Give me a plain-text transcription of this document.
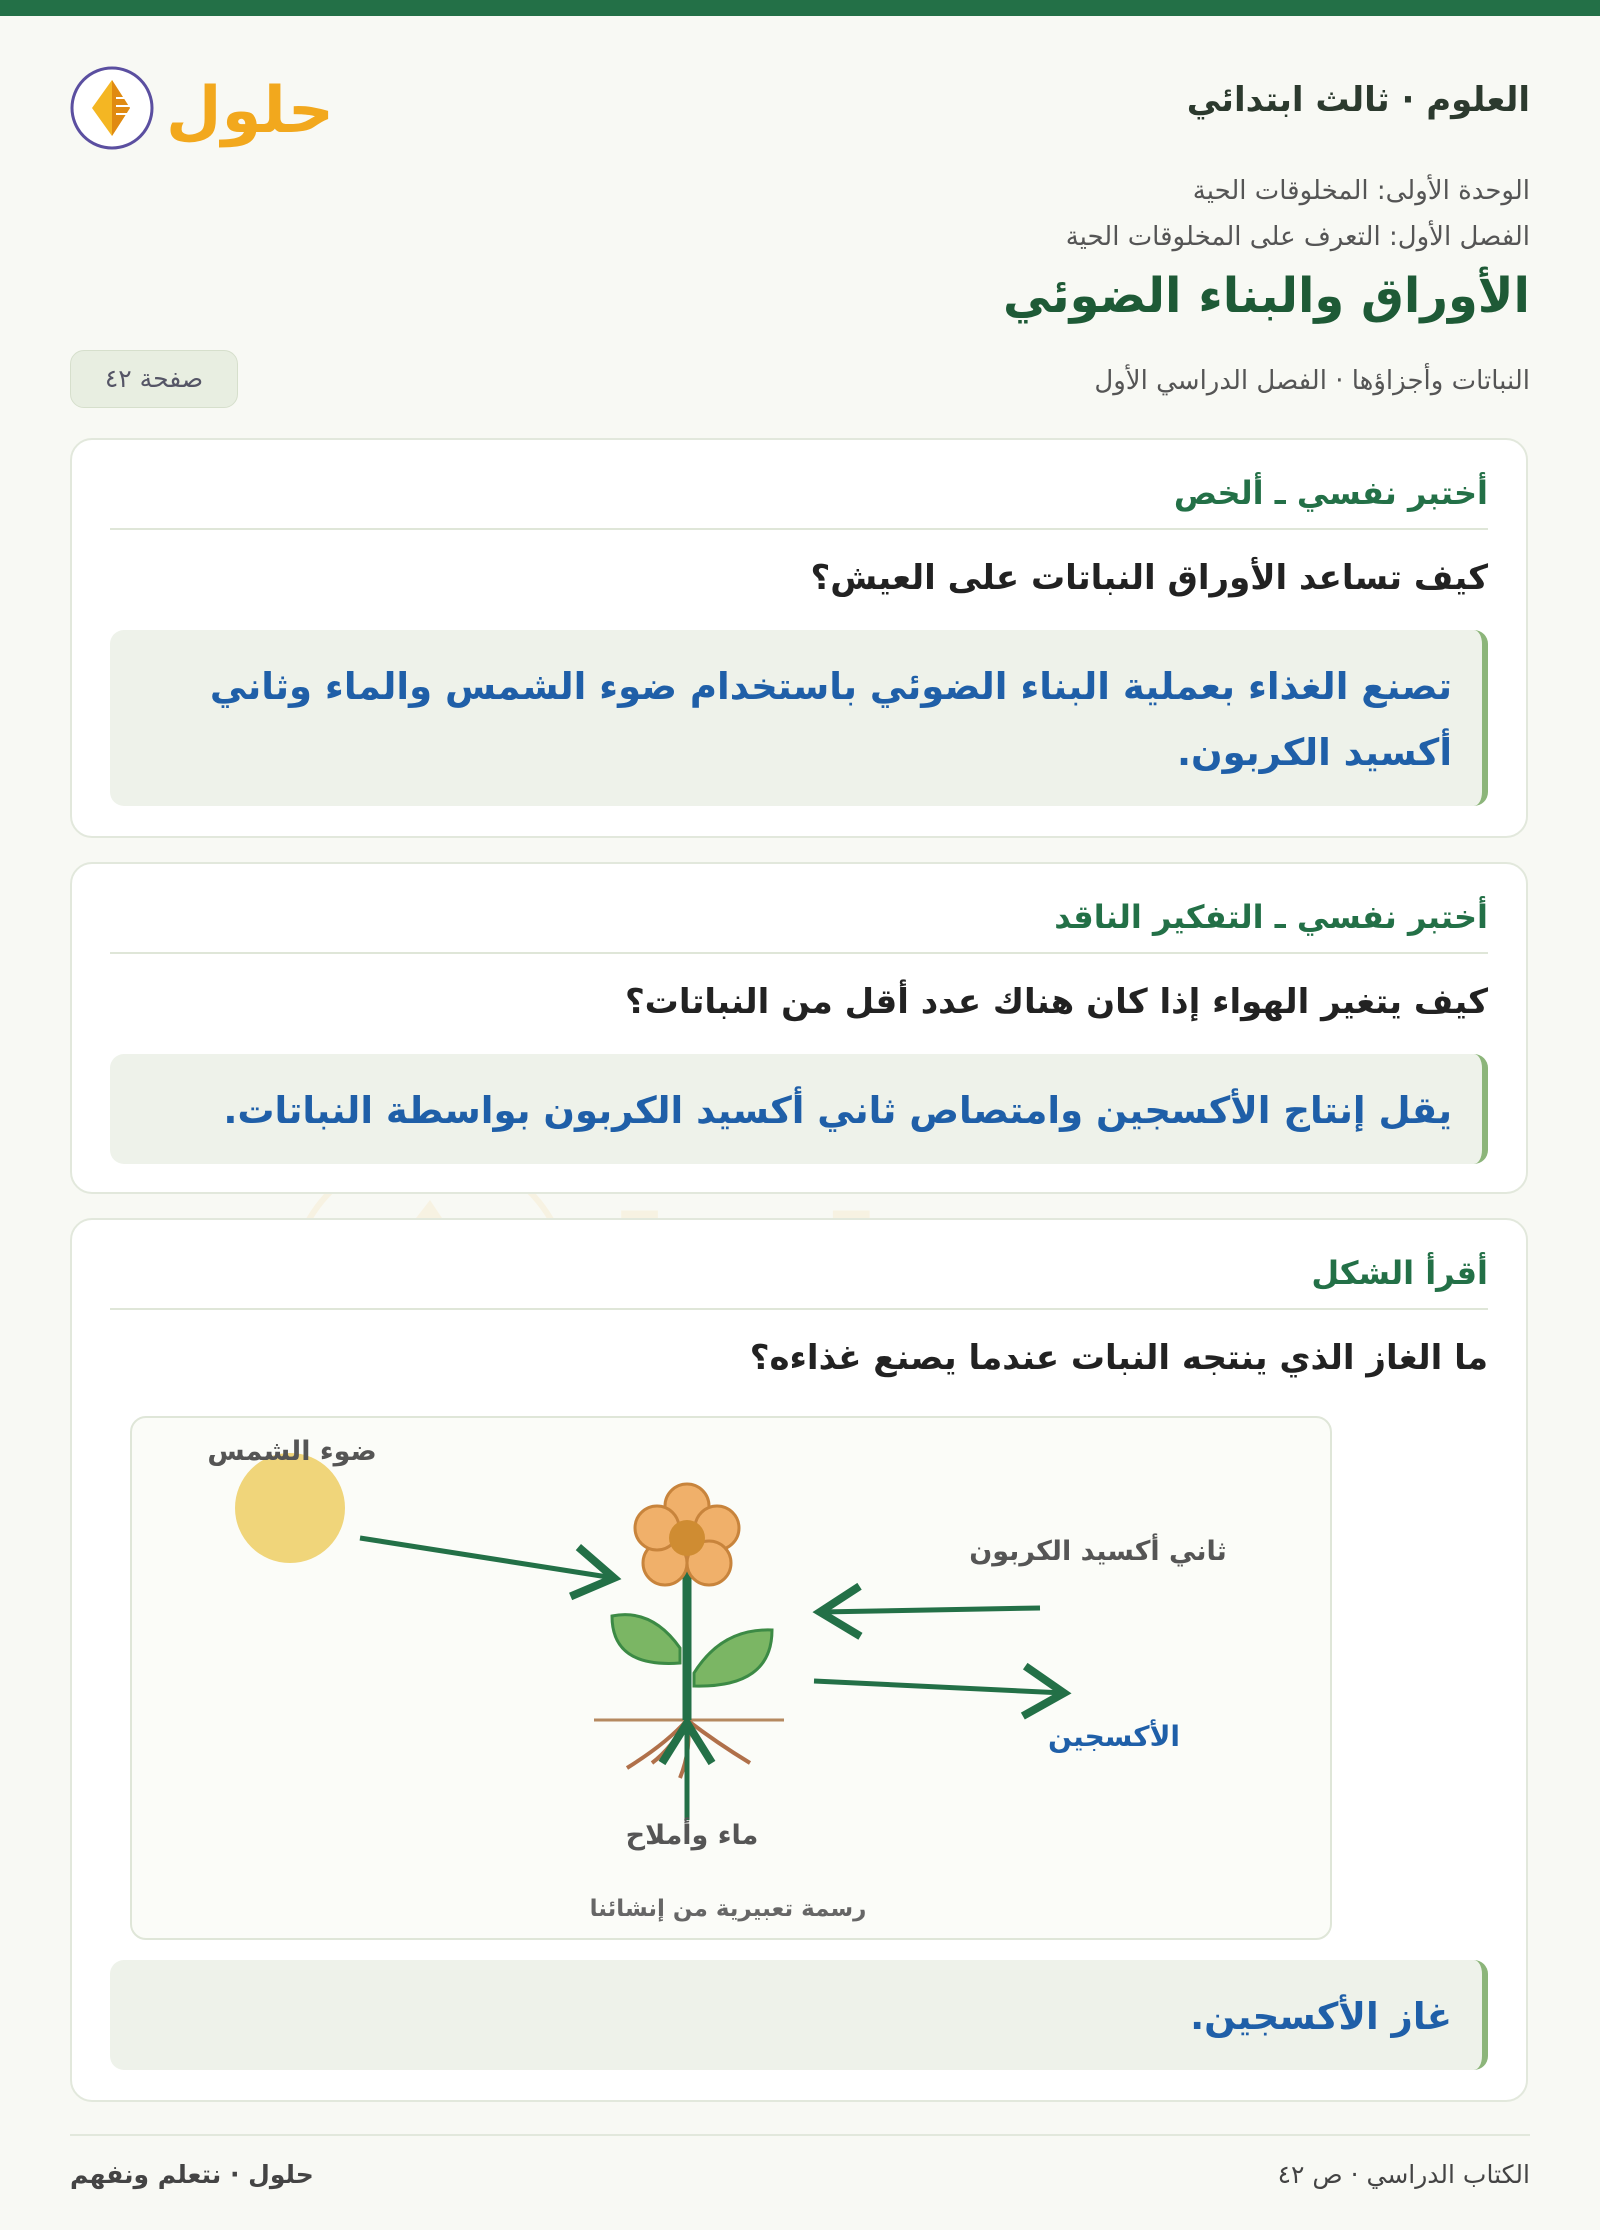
حلول	العلوم · ثالث ابتدائي
الوحدة الأولى: المخلوقات الحية
الفصل الأول: التعرف على المخلوقات الحية
الأوراق والبناء الضوئي
النباتات وأجزاؤها · الفصل الدراسي الأول
صفحة ٤٢
أختبر نفسي ـ ألخص
كيف تساعد الأوراق النباتات على العيش؟
تصنع الغذاء بعملية البناء الضوئي باستخدام ضوء الشمس والماء وثاني أكسيد الكربون.
أختبر نفسي ـ التفكير الناقد
كيف يتغير الهواء إذا كان هناك عدد أقل من النباتات؟
يقل إنتاج الأكسجين وامتصاص ثاني أكسيد الكربون بواسطة النباتات.
أقرأ الشكل
ما الغاز الذي ينتجه النبات عندما يصنع غذاءه؟
غاز الأكسجين.
ضوء الشمس
ماء وأملاح
ثاني أكسيد الكربون
الأكسجين
رسمة تعبيرية من إنشائنا
حلول · نتعلم ونفهم	الكتاب الدراسي · ص ٤٢
